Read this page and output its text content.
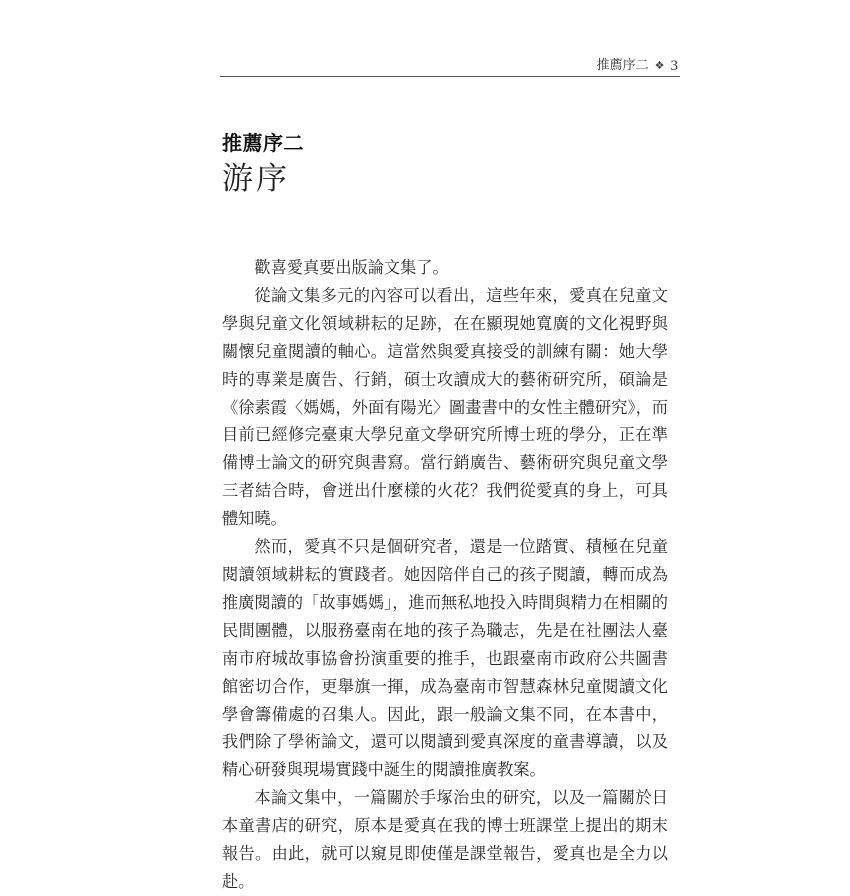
推薦序二 ❖ 3
推薦序二
游序

歡喜愛真要出版論文集了。

從論文集多元的內容可以看出，這些年來，愛真在兒童文學與兒童文化領域耕耘的足跡，在在顯現她寬廣的文化視野與關懷兒童閱讀的軸心。這當然與愛真接受的訓練有關：她大學時的專業是廣告、行銷，碩士攻讀成大的藝術研究所，碩論是《徐素霞〈媽媽，外面有陽光〉圖畫書中的女性主體研究》，而目前已經修完臺東大學兒童文學研究所博士班的學分，正在準備博士論文的研究與書寫。當行銷廣告、藝術研究與兒童文學三者結合時，會迸出什麼樣的火花？我們從愛真的身上，可具體知曉。

然而，愛真不只是個研究者，還是一位踏實、積極在兒童閱讀領域耕耘的實踐者。她因陪伴自己的孩子閱讀，轉而成為推廣閱讀的「故事媽媽」，進而無私地投入時間與精力在相關的民間團體，以服務臺南在地的孩子為職志，先是在社團法人臺南市府城故事協會扮演重要的推手，也跟臺南市政府公共圖書館密切合作，更舉旗一揮，成為臺南市智慧森林兒童閱讀文化學會籌備處的召集人。因此，跟一般論文集不同，在本書中，我們除了學術論文，還可以閱讀到愛真深度的童書導讀，以及精心研發與現場實踐中誕生的閱讀推廣教案。

本論文集中，一篇關於手塚治虫的研究，以及一篇關於日本童書店的研究，原本是愛真在我的博士班課堂上提出的期末報告。由此，就可以窺見即使僅是課堂報告，愛真也是全力以赴。
